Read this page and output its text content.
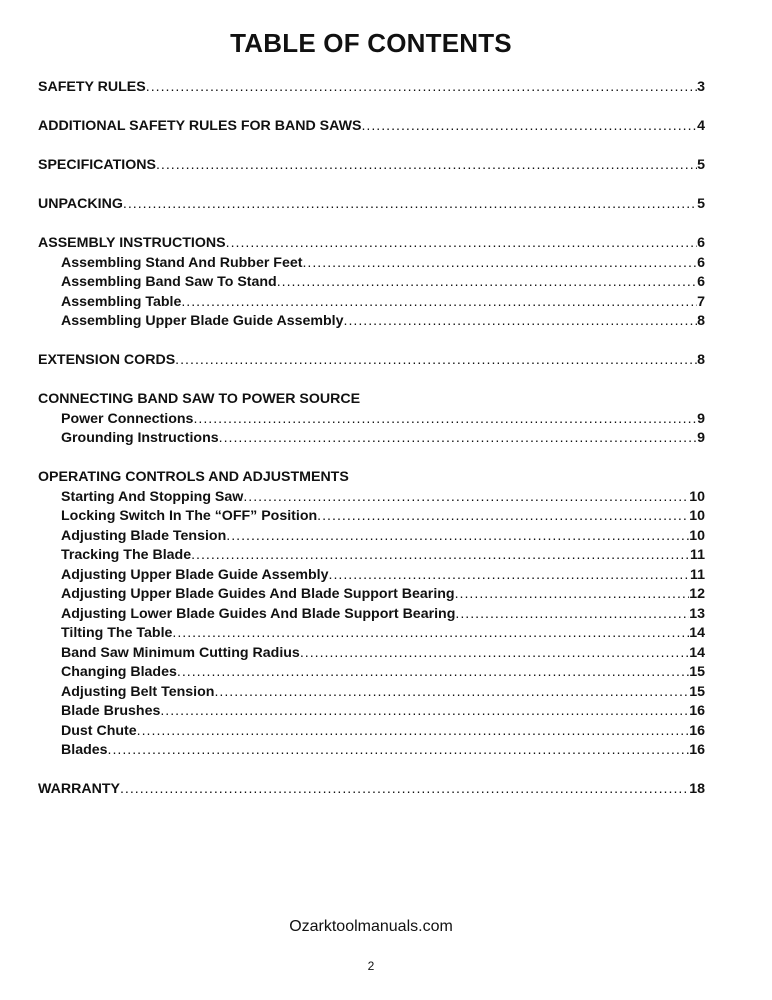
TABLE OF CONTENTS
SAFETY RULES .....	3
ADDITIONAL SAFETY RULES FOR BAND SAWS .....	4
SPECIFICATIONS .....	5
UNPACKING .....	5
ASSEMBLY INSTRUCTIONS .....	6
Assembling Stand And Rubber Feet .....	6
Assembling Band Saw To Stand .....	6
Assembling Table .....	7
Assembling Upper Blade Guide Assembly .....	8
EXTENSION CORDS .....	8
CONNECTING BAND SAW TO POWER SOURCE
Power Connections .....	9
Grounding Instructions .....	9
OPERATING CONTROLS AND ADJUSTMENTS
Starting And Stopping Saw .....	10
Locking Switch In The “OFF” Position .....	10
Adjusting Blade Tension .....	10
Tracking The Blade .....	11
Adjusting Upper Blade Guide Assembly .....	11
Adjusting Upper Blade Guides And Blade Support Bearing .....	12
Adjusting Lower Blade Guides And Blade Support Bearing .....	13
Tilting The Table .....	14
Band Saw Minimum Cutting Radius .....	14
Changing Blades .....	15
Adjusting Belt Tension .....	15
Blade Brushes .....	16
Dust Chute .....	16
Blades .....	16
WARRANTY .....	18
Ozarktoolmanuals.com
2
